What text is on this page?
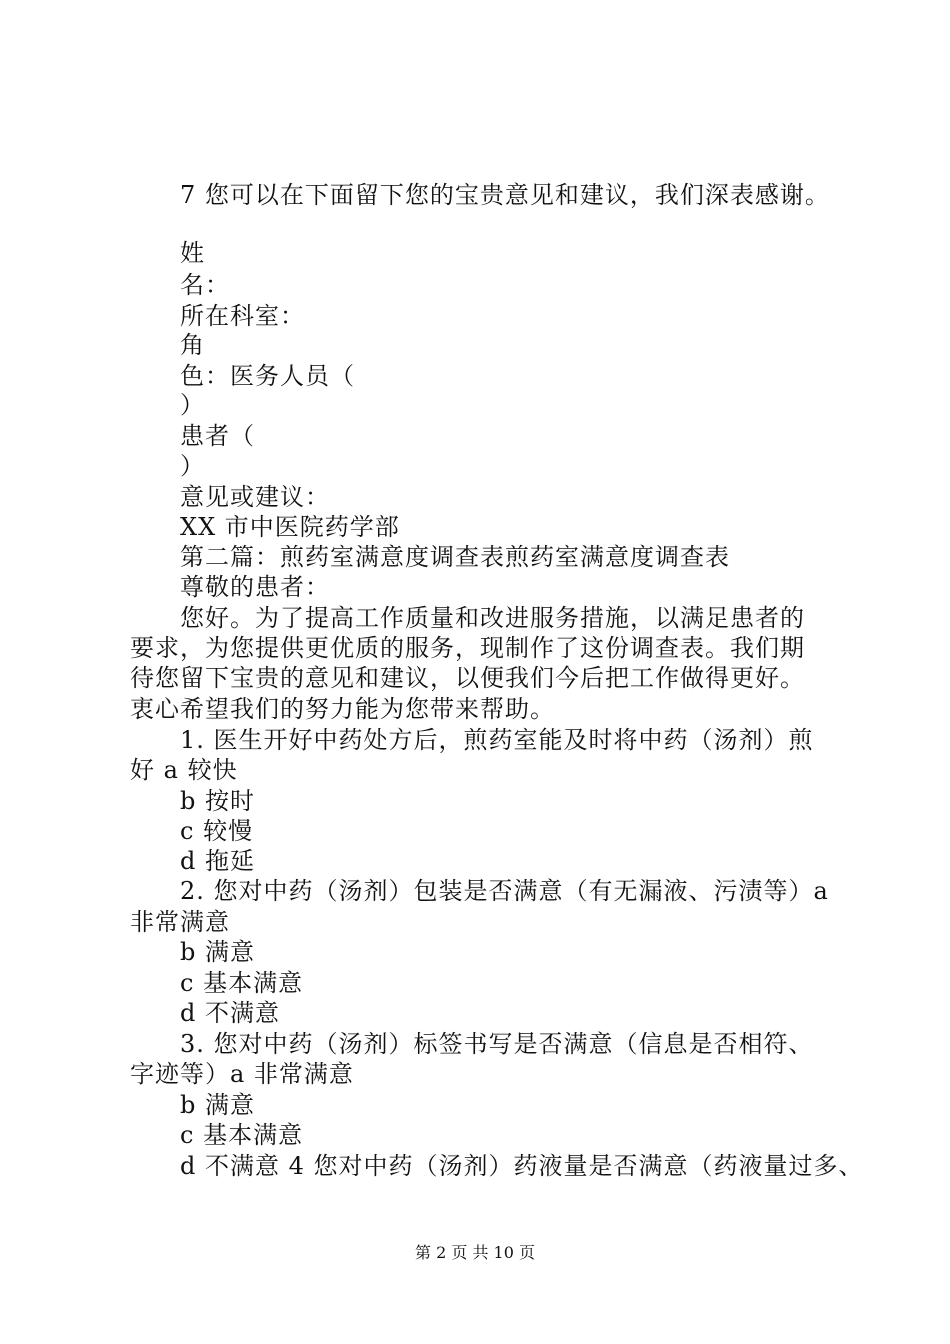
7 您可以在下面留下您的宝贵意见和建议，我们深表感谢。
姓
名：
所在科室：
角
色：医务人员（
）
患者（
）
意见或建议：
XX 市中医院药学部
第二篇：煎药室满意度调查表煎药室满意度调查表
尊敬的患者：
您好。为了提高工作质量和改进服务措施，以满足患者的
要求，为您提供更优质的服务，现制作了这份调查表。我们期
待您留下宝贵的意见和建议，以便我们今后把工作做得更好。
衷心希望我们的努力能为您带来帮助。
1. 医生开好中药处方后，煎药室能及时将中药（汤剂）煎
好 a 较快
b 按时
c 较慢
d 拖延
2. 您对中药（汤剂）包装是否满意（有无漏液、污渍等）a
非常满意
b 满意
c 基本满意
d 不满意
3. 您对中药（汤剂）标签书写是否满意（信息是否相符、
字迹等）a 非常满意
b 满意
c 基本满意
d 不满意 4 您对中药（汤剂）药液量是否满意（药液量过多、
第 2 页 共 10 页
